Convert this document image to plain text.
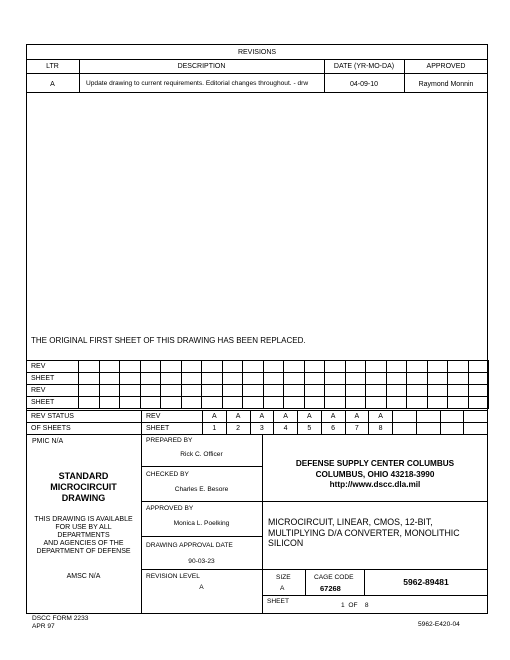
REVISIONS
LTR	DESCRIPTION	DATE (YR-MO-DA)	APPROVED
A	Update drawing to current requirements. Editorial changes throughout. - drw	04-09-10	Raymond Monnin
THE ORIGINAL FIRST SHEET OF THIS DRAWING HAS BEEN REPLACED.
REV																				
SHEET																				
REV																				
SHEET																				
REV STATUS	REV	A	A	A	A	A	A	A	A				
OF SHEETS	SHEET	1	2	3	4	5	6	7	8				
PMIC N/A
STANDARD
MICROCIRCUIT
DRAWING
THIS DRAWING IS AVAILABLE
FOR USE BY ALL
DEPARTMENTS
AND AGENCIES OF THE
DEPARTMENT OF DEFENSE
AMSC N/A
PREPARED BY
Rick C. Officer
CHECKED BY
Charles E. Besore
APPROVED BY
Monica L. Poelking
DRAWING APPROVAL DATE
90-03-23
REVISION LEVEL
A
DEFENSE SUPPLY CENTER COLUMBUS
COLUMBUS, OHIO 43218-3990
http://www.dscc.dla.mil
MICROCIRCUIT, LINEAR, CMOS, 12-BIT,
MULTIPLYING D/A CONVERTER, MONOLITHIC
SILICON
SIZE
A
CAGE CODE
67268
5962-89481
SHEET
1  OF    8
DSCC FORM 2233
APR 97	5962-E420-04
